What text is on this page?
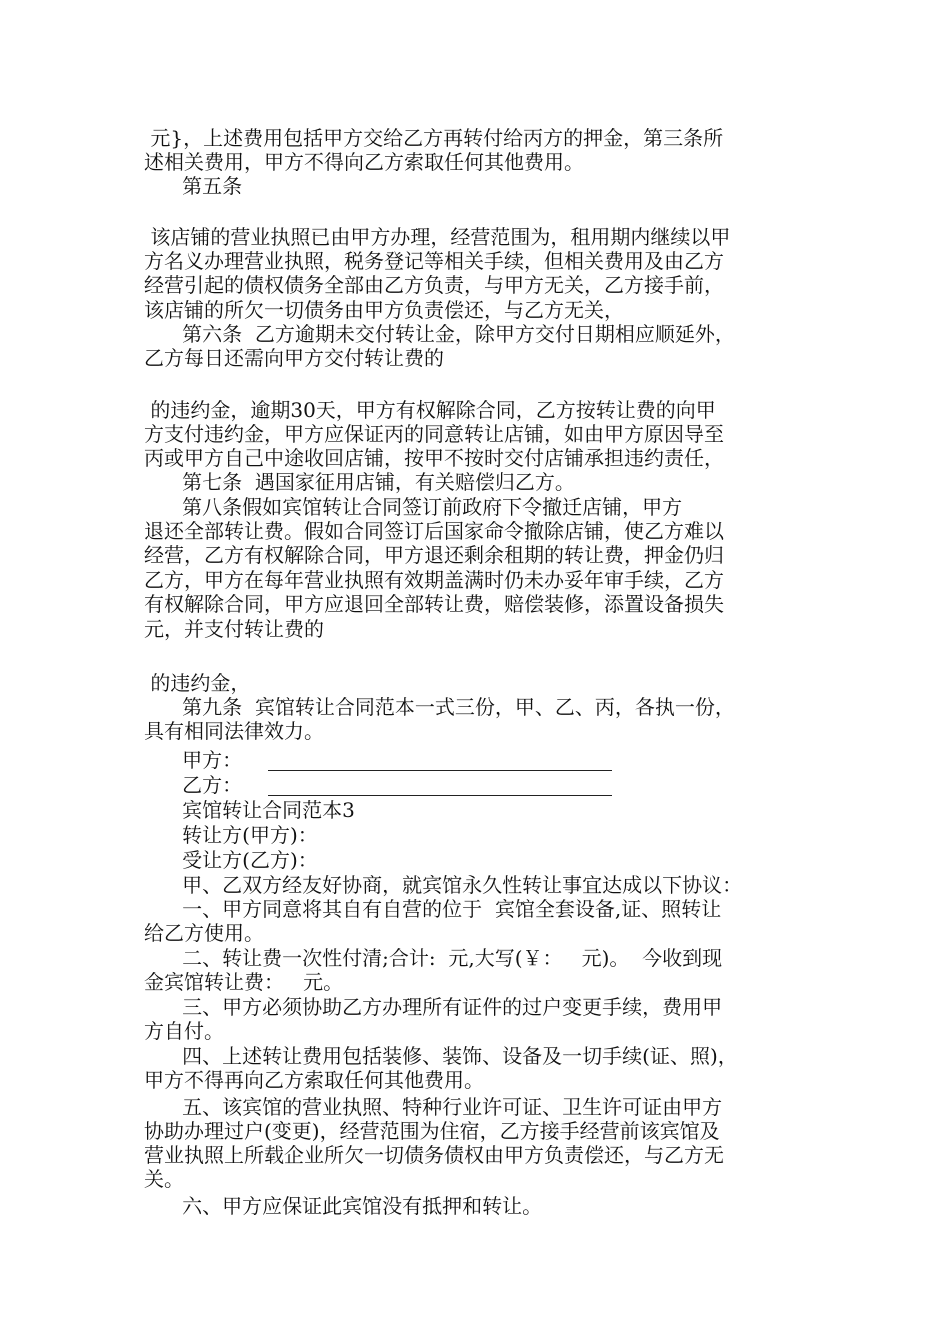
元}，上述费用包括甲方交给乙方再转付给丙方的押金，第三条所
述相关费用，甲方不得向乙方索取任何其他费用。
第五条
该店铺的营业执照已由甲方办理，经营范围为，租用期内继续以甲
方名义办理营业执照，税务登记等相关手续，但相关费用及由乙方
经营引起的债权债务全部由乙方负责，与甲方无关，乙方接手前，
该店铺的所欠一切债务由甲方负责偿还，与乙方无关，
第六条  乙方逾期未交付转让金，除甲方交付日期相应顺延外，
乙方每日还需向甲方交付转让费的
的违约金，逾期30天，甲方有权解除合同，乙方按转让费的向甲
方支付违约金，甲方应保证丙的同意转让店铺，如由甲方原因导至
丙或甲方自己中途收回店铺，按甲不按时交付店铺承担违约责任，
第七条  遇国家征用店铺，有关赔偿归乙方。
第八条假如宾馆转让合同签订前政府下令撤迁店铺，甲方
退还全部转让费。假如合同签订后国家命令撤除店铺，使乙方难以
经营，乙方有权解除合同，甲方退还剩余租期的转让费，押金仍归
乙方，甲方在每年营业执照有效期盖满时仍未办妥年审手续，乙方
有权解除合同，甲方应退回全部转让费，赔偿装修，添置设备损失
元，并支付转让费的
的违约金，
第九条  宾馆转让合同范本一式三份，甲、乙、丙，各执一份，
具有相同法律效力。
甲方：
乙方：
宾馆转让合同范本3
转让方(甲方)：
受让方(乙方)：
甲、乙双方经友好协商，就宾馆永久性转让事宜达成以下协议：
一、甲方同意将其自有自营的位于  宾馆全套设备,证、照转让
给乙方使用。
二、转让费一次性付清;合计:  元,大写(￥：   元)。  今收到现
金宾馆转让费：   元。
三、甲方必须协助乙方办理所有证件的过户变更手续，费用甲
方自付。
四、上述转让费用包括装修、装饰、设备及一切手续(证、照)，
甲方不得再向乙方索取任何其他费用。
五、该宾馆的营业执照、特种行业许可证、卫生许可证由甲方
协助办理过户(变更)，经营范围为住宿，乙方接手经营前该宾馆及
营业执照上所载企业所欠一切债务债权由甲方负责偿还，与乙方无
关。
六、甲方应保证此宾馆没有抵押和转让。
